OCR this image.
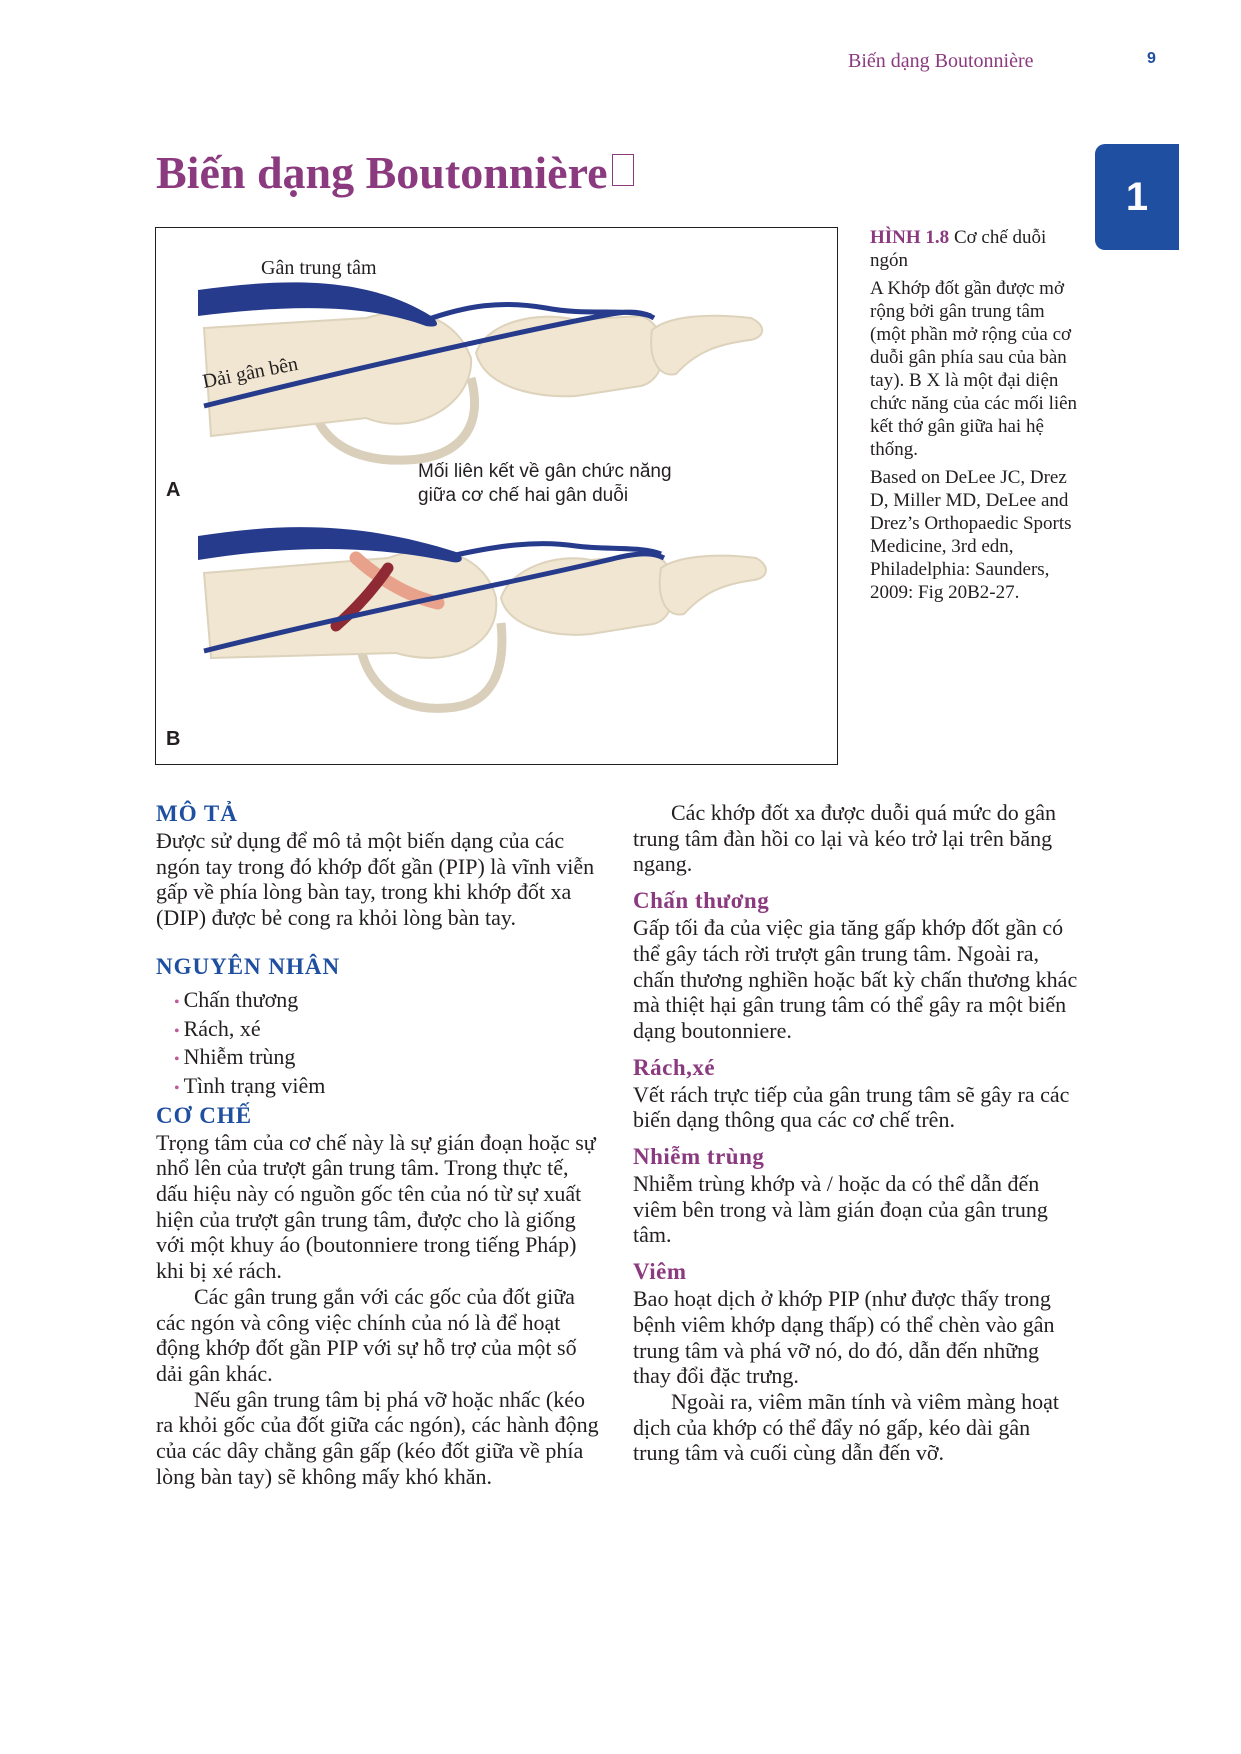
Biến dạng Boutonnière	9
1
Biến dạng Boutonnière
Gân trung tâm
Dải gân bên
A
Mối liên kết về gân chức năng
giữa cơ chế hai gân duỗi
B

HÌNH 1.8 Cơ chế duỗi ngón

A Khớp đốt gần được mở rộng bởi gân trung tâm (một phần mở rộng của cơ duỗi gân phía sau của bàn tay). B X là một đại diện chức năng của các mối liên kết thớ gân giữa hai hệ thống.

Based on DeLee JC, Drez D, Miller MD, DeLee and Drez’s Orthopaedic Sports Medicine, 3rd edn, Philadelphia: Saunders, 2009: Fig 20B2-27.

MÔ TẢ

Được sử dụng để mô tả một biến dạng của các ngón tay trong đó khớp đốt gần (PIP) là vĩnh viễn gấp về phía lòng bàn tay, trong khi khớp đốt xa (DIP) được bẻ cong ra khỏi lòng bàn tay.

NGUYÊN NHÂN
• Chấn thương
• Rách, xé
• Nhiễm trùng
• Tình trạng viêm
CƠ CHẾ

Trọng tâm của cơ chế này là sự gián đoạn hoặc sự nhổ lên của trượt gân trung tâm. Trong thực tế, dấu hiệu này có nguồn gốc tên của nó từ sự xuất hiện của trượt gân trung tâm, được cho là giống với một khuy áo (boutonniere trong tiếng Pháp) khi bị xé rách.

Các gân trung gắn với các gốc của đốt giữa các ngón và công việc chính của nó là để hoạt động khớp đốt gần PIP với sự hỗ trợ của một số dải gân khác.

Nếu gân trung tâm bị phá vỡ hoặc nhấc (kéo ra khỏi gốc của đốt giữa các ngón), các hành động của các dây chằng gân gấp (kéo đốt giữa về phía lòng bàn tay) sẽ không mấy khó khăn.

Các khớp đốt xa được duỗi quá mức do gân trung tâm đàn hồi co lại và kéo trở lại trên băng ngang.

Chấn thương

Gấp tối đa của việc gia tăng gấp khớp đốt gần có thể gây tách rời trượt gân trung tâm. Ngoài ra, chấn thương nghiền hoặc bất kỳ chấn thương khác mà thiệt hại gân trung tâm có thể gây ra một biến dạng boutonniere.

Rách,xé

Vết rách trực tiếp của gân trung tâm sẽ gây ra các biến dạng thông qua các cơ chế trên.

Nhiễm trùng

Nhiễm trùng khớp và / hoặc da có thể dẫn đến viêm bên trong và làm gián đoạn của gân trung tâm.

Viêm

Bao hoạt dịch ở khớp PIP (như được thấy trong bệnh viêm khớp dạng thấp) có thể chèn vào gân trung tâm và phá vỡ nó, do đó, dẫn đến những thay đổi đặc trưng.

Ngoài ra, viêm mãn tính và viêm màng hoạt dịch của khớp có thể đẩy nó gấp, kéo dài gân trung tâm và cuối cùng dẫn đến vỡ.
